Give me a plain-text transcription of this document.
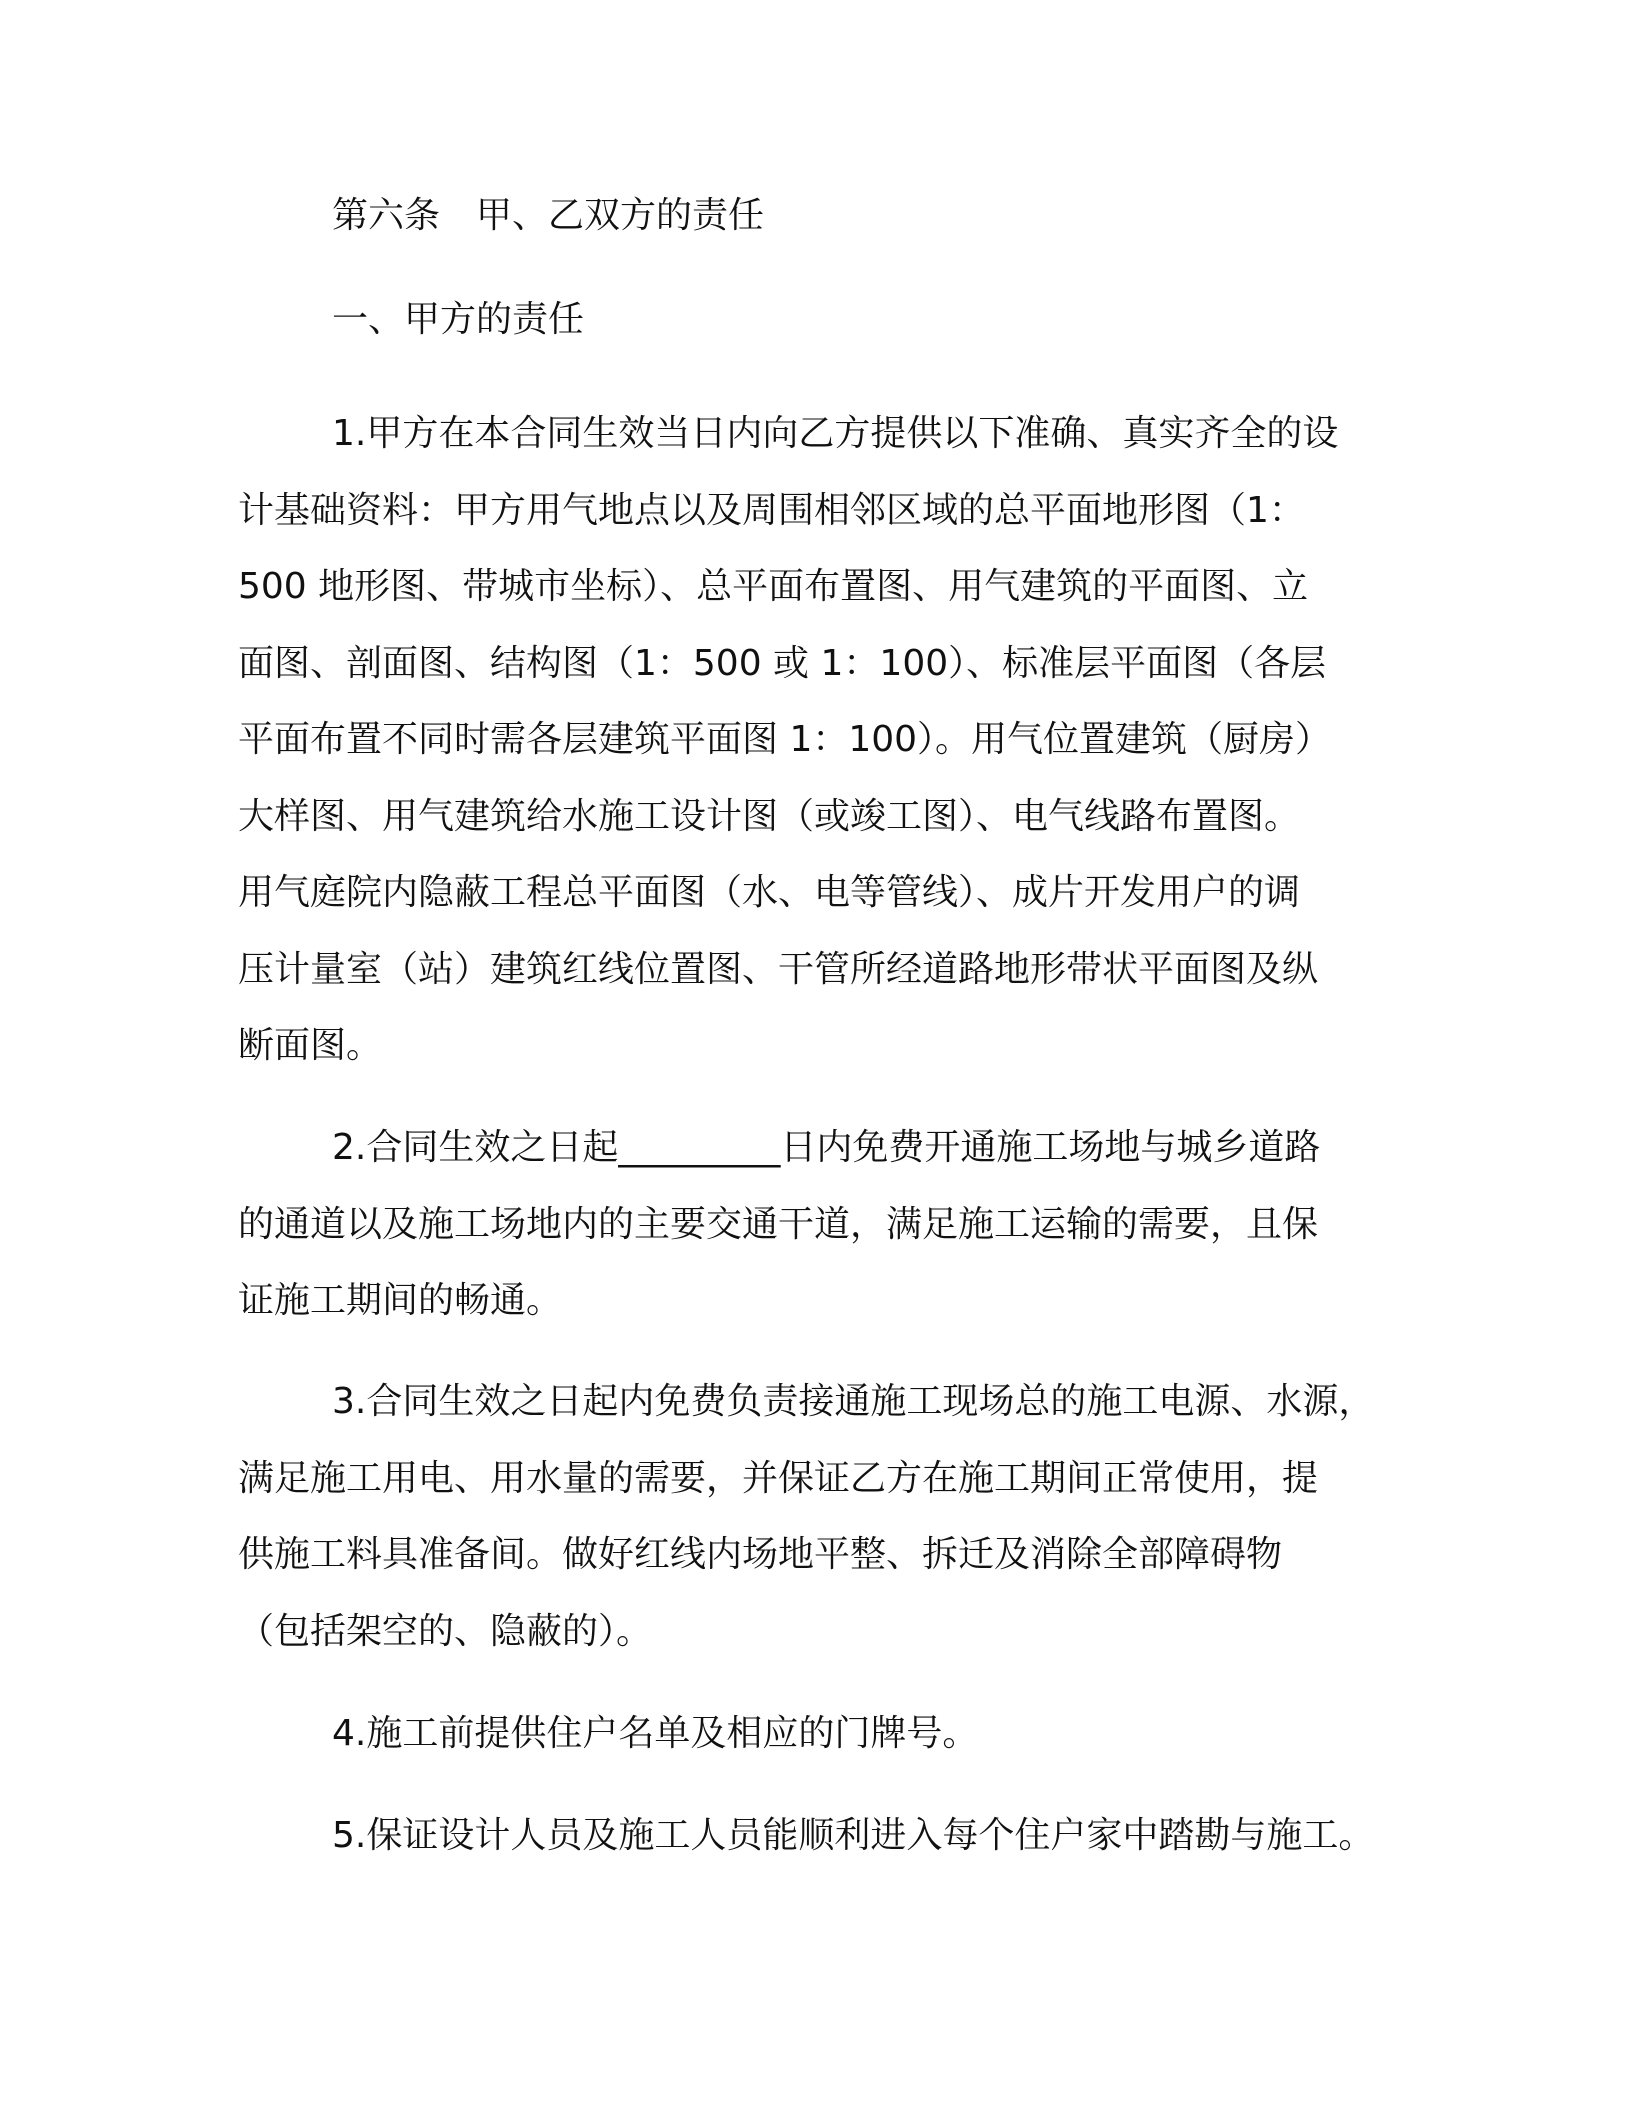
第六条　甲、乙双方的责任
一、甲方的责任
1.甲方在本合同生效当日内向乙方提供以下准确、真实齐全的设
计基础资料：甲方用气地点以及周围相邻区域的总平面地形图（1：
500 地形图、带城市坐标）、总平面布置图、用气建筑的平面图、立
面图、剖面图、结构图（1：500 或 1：100）、标准层平面图（各层
平面布置不同时需各层建筑平面图 1：100）。用气位置建筑（厨房）
大样图、用气建筑给水施工设计图（或竣工图）、电气线路布置图。
用气庭院内隐蔽工程总平面图（水、电等管线）、成片开发用户的调
压计量室（站）建筑红线位置图、干管所经道路地形带状平面图及纵
断面图。
2.合同生效之日起_________日内免费开通施工场地与城乡道路
的通道以及施工场地内的主要交通干道，满足施工运输的需要，且保
证施工期间的畅通。
3.合同生效之日起内免费负责接通施工现场总的施工电源、水源，
满足施工用电、用水量的需要，并保证乙方在施工期间正常使用，提
供施工料具准备间。做好红线内场地平整、拆迁及消除全部障碍物
（包括架空的、隐蔽的）。
4.施工前提供住户名单及相应的门牌号。
5.保证设计人员及施工人员能顺利进入每个住户家中踏勘与施工。
